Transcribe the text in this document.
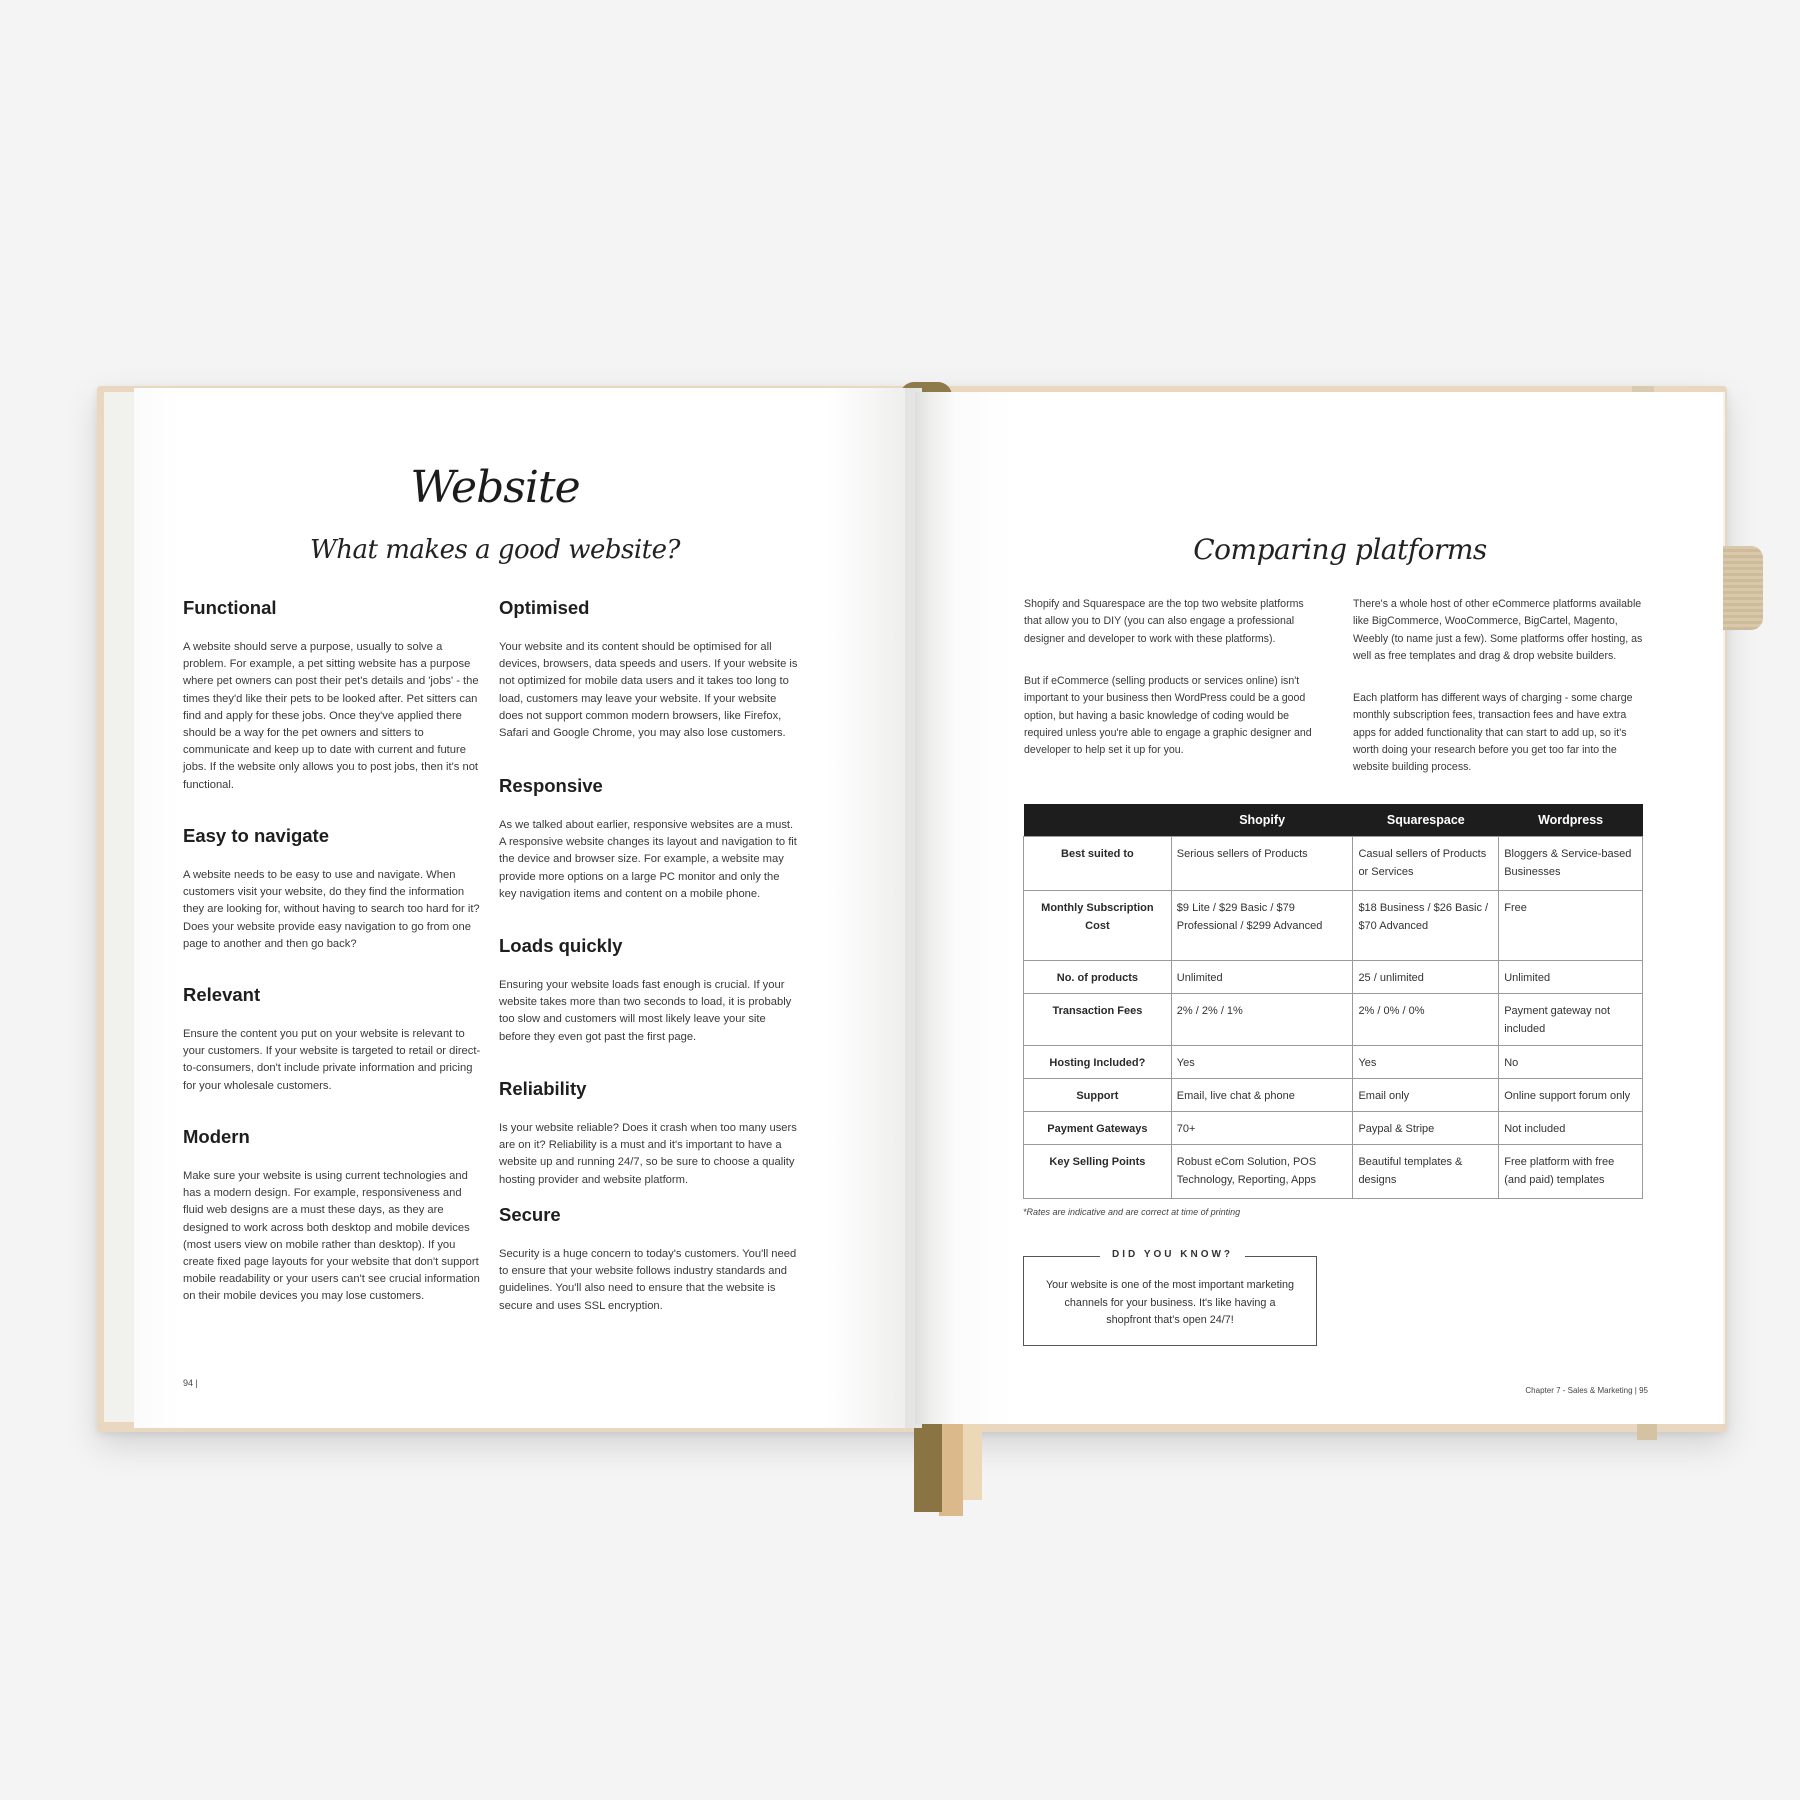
Website
What makes a good website?
Functional

A website should serve a purpose, usually to solve a problem. For example, a pet sitting website has a purpose where pet owners can post their pet's details and 'jobs' - the times they'd like their pets to be looked after. Pet sitters can find and apply for these jobs. Once they've applied there should be a way for the pet owners and sitters to communicate and keep up to date with current and future jobs. If the website only allows you to post jobs, then it's not functional.

Easy to navigate

A website needs to be easy to use and navigate. When customers visit your website, do they find the information they are looking for, without having to search too hard for it? Does your website provide easy navigation to go from one page to another and then go back?

Relevant

Ensure the content you put on your website is relevant to your customers. If your website is targeted to retail or direct-to-consumers, don't include private information and pricing for your wholesale customers.

Modern

Make sure your website is using current technologies and has a modern design. For example, responsiveness and fluid web designs are a must these days, as they are designed to work across both desktop and mobile devices (most users view on mobile rather than desktop). If you create fixed page layouts for your website that don't support mobile readability or your users can't see crucial information on their mobile devices you may lose customers.

Optimised

Your website and its content should be optimised for all devices, browsers, data speeds and users. If your website is not optimized for mobile data users and it takes too long to load, customers may leave your website. If your website does not support common modern browsers, like Firefox, Safari and Google Chrome, you may also lose customers.

Responsive

As we talked about earlier, responsive websites are a must. A responsive website changes its layout and navigation to fit the device and browser size. For example, a website may provide more options on a large PC monitor and only the key navigation items and content on a mobile phone.

Loads quickly

Ensuring your website loads fast enough is crucial. If your website takes more than two seconds to load, it is probably too slow and customers will most likely leave your site before they even got past the first page.

Reliability

Is your website reliable? Does it crash when too many users are on it? Reliability is a must and it's important to have a website up and running 24/7, so be sure to choose a quality hosting provider and website platform.

Secure

Security is a huge concern to today's customers. You'll need to ensure that your website follows industry standards and guidelines. You'll also need to ensure that the website is secure and uses SSL encryption.

94 |
Comparing platforms

Shopify and Squarespace are the top two website platforms that allow you to DIY (you can also engage a professional designer and developer to work with these platforms).

But if eCommerce (selling products or services online) isn't important to your business then WordPress could be a good option, but having a basic knowledge of coding would be required unless you're able to engage a graphic designer and developer to help set it up for you.

There's a whole host of other eCommerce platforms available like BigCommerce, WooCommerce, BigCartel, Magento, Weebly (to name just a few). Some platforms offer hosting, as well as free templates and drag & drop website builders.

Each platform has different ways of charging - some charge monthly subscription fees, transaction fees and have extra apps for added functionality that can start to add up, so it's worth doing your research before you get too far into the website building process.

	Shopify	Squarespace	Wordpress
Best suited to	Serious sellers of Products	Casual sellers of Products or Services	Bloggers & Service-based Businesses
Monthly Subscription Cost	$9 Lite / $29 Basic / $79 Professional / $299 Advanced	$18 Business / $26 Basic / $70 Advanced	Free
No. of products	Unlimited	25 / unlimited	Unlimited
Transaction Fees	2% / 2% / 1%	2% / 0% / 0%	Payment gateway not included
Hosting Included?	Yes	Yes	No
Support	Email, live chat & phone	Email only	Online support forum only
Payment Gateways	70+	Paypal & Stripe	Not included
Key Selling Points	Robust eCom Solution, POS Technology, Reporting, Apps	Beautiful templates & designs	Free platform with free (and paid) templates
*Rates are indicative and are correct at time of printing
DID YOU KNOW?
Your website is one of the most important marketing channels for your business. It's like having a shopfront that's open 24/7!
Chapter 7 - Sales & Marketing | 95
